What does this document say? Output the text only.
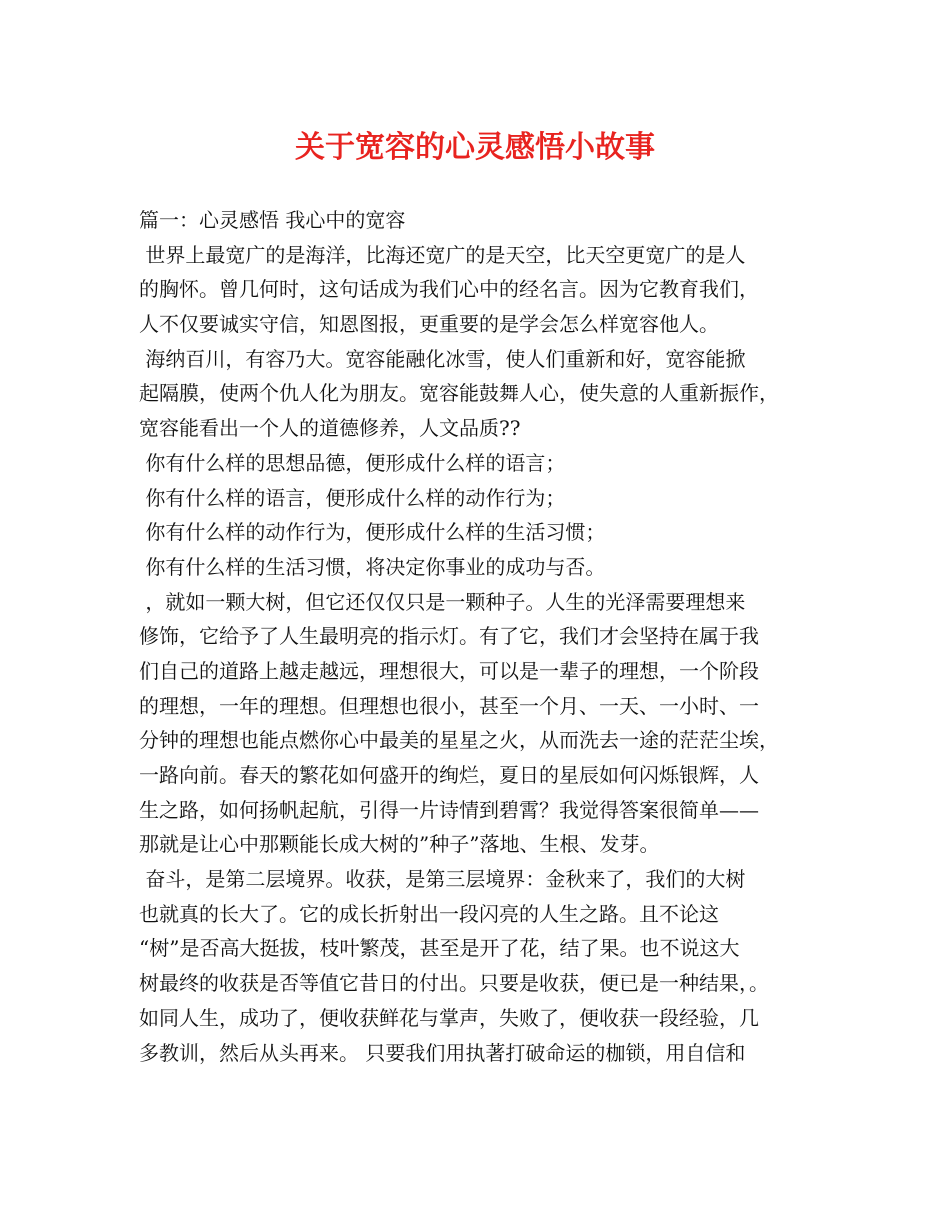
关于宽容的心灵感悟小故事
篇一：心灵感悟 我心中的宽容
世界上最宽广的是海洋，比海还宽广的是天空，比天空更宽广的是人
的胸怀。曾几何时，这句话成为我们心中的经名言。因为它教育我们，
人不仅要诚实守信，知恩图报，更重要的是学会怎么样宽容他人。
海纳百川，有容乃大。宽容能融化冰雪，使人们重新和好，宽容能掀
起隔膜，使两个仇人化为朋友。宽容能鼓舞人心，使失意的人重新振作，
宽容能看出一个人的道德修养，人文品质??
你有什么样的思想品德，便形成什么样的语言；
你有什么样的语言，便形成什么样的动作行为；
你有什么样的动作行为，便形成什么样的生活习惯；
你有什么样的生活习惯，将决定你事业的成功与否。
，就如一颗大树，但它还仅仅只是一颗种子。人生的光泽需要理想来
修饰，它给予了人生最明亮的指示灯。有了它，我们才会坚持在属于我
们自己的道路上越走越远，理想很大，可以是一辈子的理想，一个阶段
的理想，一年的理想。但理想也很小，甚至一个月、一天、一小时、一
分钟的理想也能点燃你心中最美的星星之火，从而洗去一途的茫茫尘埃，
一路向前。春天的繁花如何盛开的绚烂，夏日的星辰如何闪烁银辉，人
生之路，如何扬帆起航，引得一片诗情到碧霄？我觉得答案很简单——
那就是让心中那颗能长成大树的”种子”落地、生根、发芽。
奋斗，是第二层境界。收获，是第三层境界：金秋来了，我们的大树
也就真的长大了。它的成长折射出一段闪亮的人生之路。且不论这
“树”是否高大挺拔，枝叶繁茂，甚至是开了花，结了果。也不说这大
树最终的收获是否等值它昔日的付出。只要是收获，便已是一种结果，。
如同人生，成功了，便收获鲜花与掌声，失败了，便收获一段经验，几
多教训，然后从头再来。 只要我们用执著打破命运的枷锁，用自信和
